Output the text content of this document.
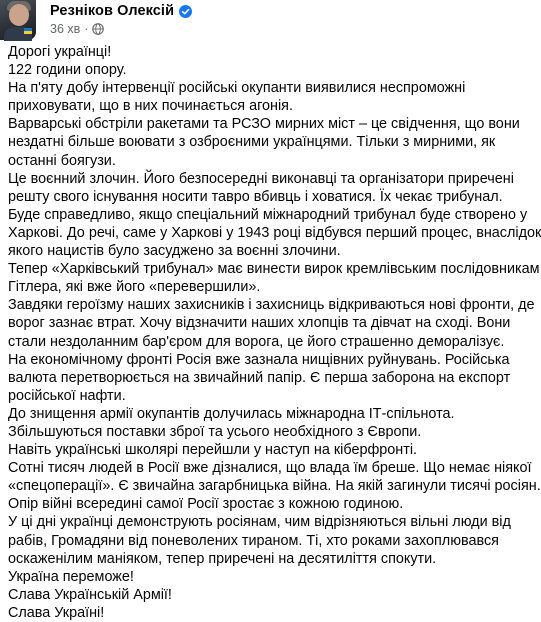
Резніков Олексій
36 хв ·

Дорогі українці!

122 години опору.

На п'яту добу інтервенції російські окупанти виявилися неспроможні

приховувати, що в них починається агонія.

Варварські обстріли ракетами та РСЗО мирних міст – це свідчення, що вони

нездатні більше воювати з озброєними українцями. Тільки з мирними, як

останні боягузи.

Це воєнний злочин. Його безпосередні виконавці та організатори приречені

решту свого існування носити тавро вбивць і ховатися. Їх чекає трибунал.

Буде справедливо, якщо спеціальний міжнародний трибунал буде створено у

Харкові. До речі, саме у Харкові у 1943 році відбувся перший процес, внаслідок

якого нацистів було засуджено за воєнні злочини.

Тепер «Харківський трибунал» має винести вирок кремлівським послідовникам

Гітлера, які вже його «перевершили».

Завдяки героїзму наших захисників і захисниць відкриваються нові фронти, де

ворог зазнає втрат. Хочу відзначити наших хлопців та дівчат на сході. Вони

стали нездоланним бар'єром для ворога, це його страшенно деморалізує.

На економічному фронті Росія вже зазнала нищівних руйнувань. Російська

валюта перетворюється на звичайний папір. Є перша заборона на експорт

російської нафти.

До знищення армії окупантів долучилась міжнародна ІТ-спільнота.

Збільшуються поставки зброї та усього необхідного з Європи.

Навіть українські школярі перейшли у наступ на кіберфронті.

Сотні тисяч людей в Росії вже дізналися, що влада їм бреше. Що немає ніякої

«спецоперації». Є звичайна загарбницька війна. На якій загинули тисячі росіян.

Опір війні всередині самої Росії зростає з кожною годиною.

У ці дні українці демонструють росіянам, чим відрізняються вільні люди від

рабів, Громадяни від поневолених тираном. Ті, хто роками захоплювався

оскаженілим маніяком, тепер приречені на десятиліття спокути.

Україна переможе!

Слава Українській Армії!

Слава Україні!
